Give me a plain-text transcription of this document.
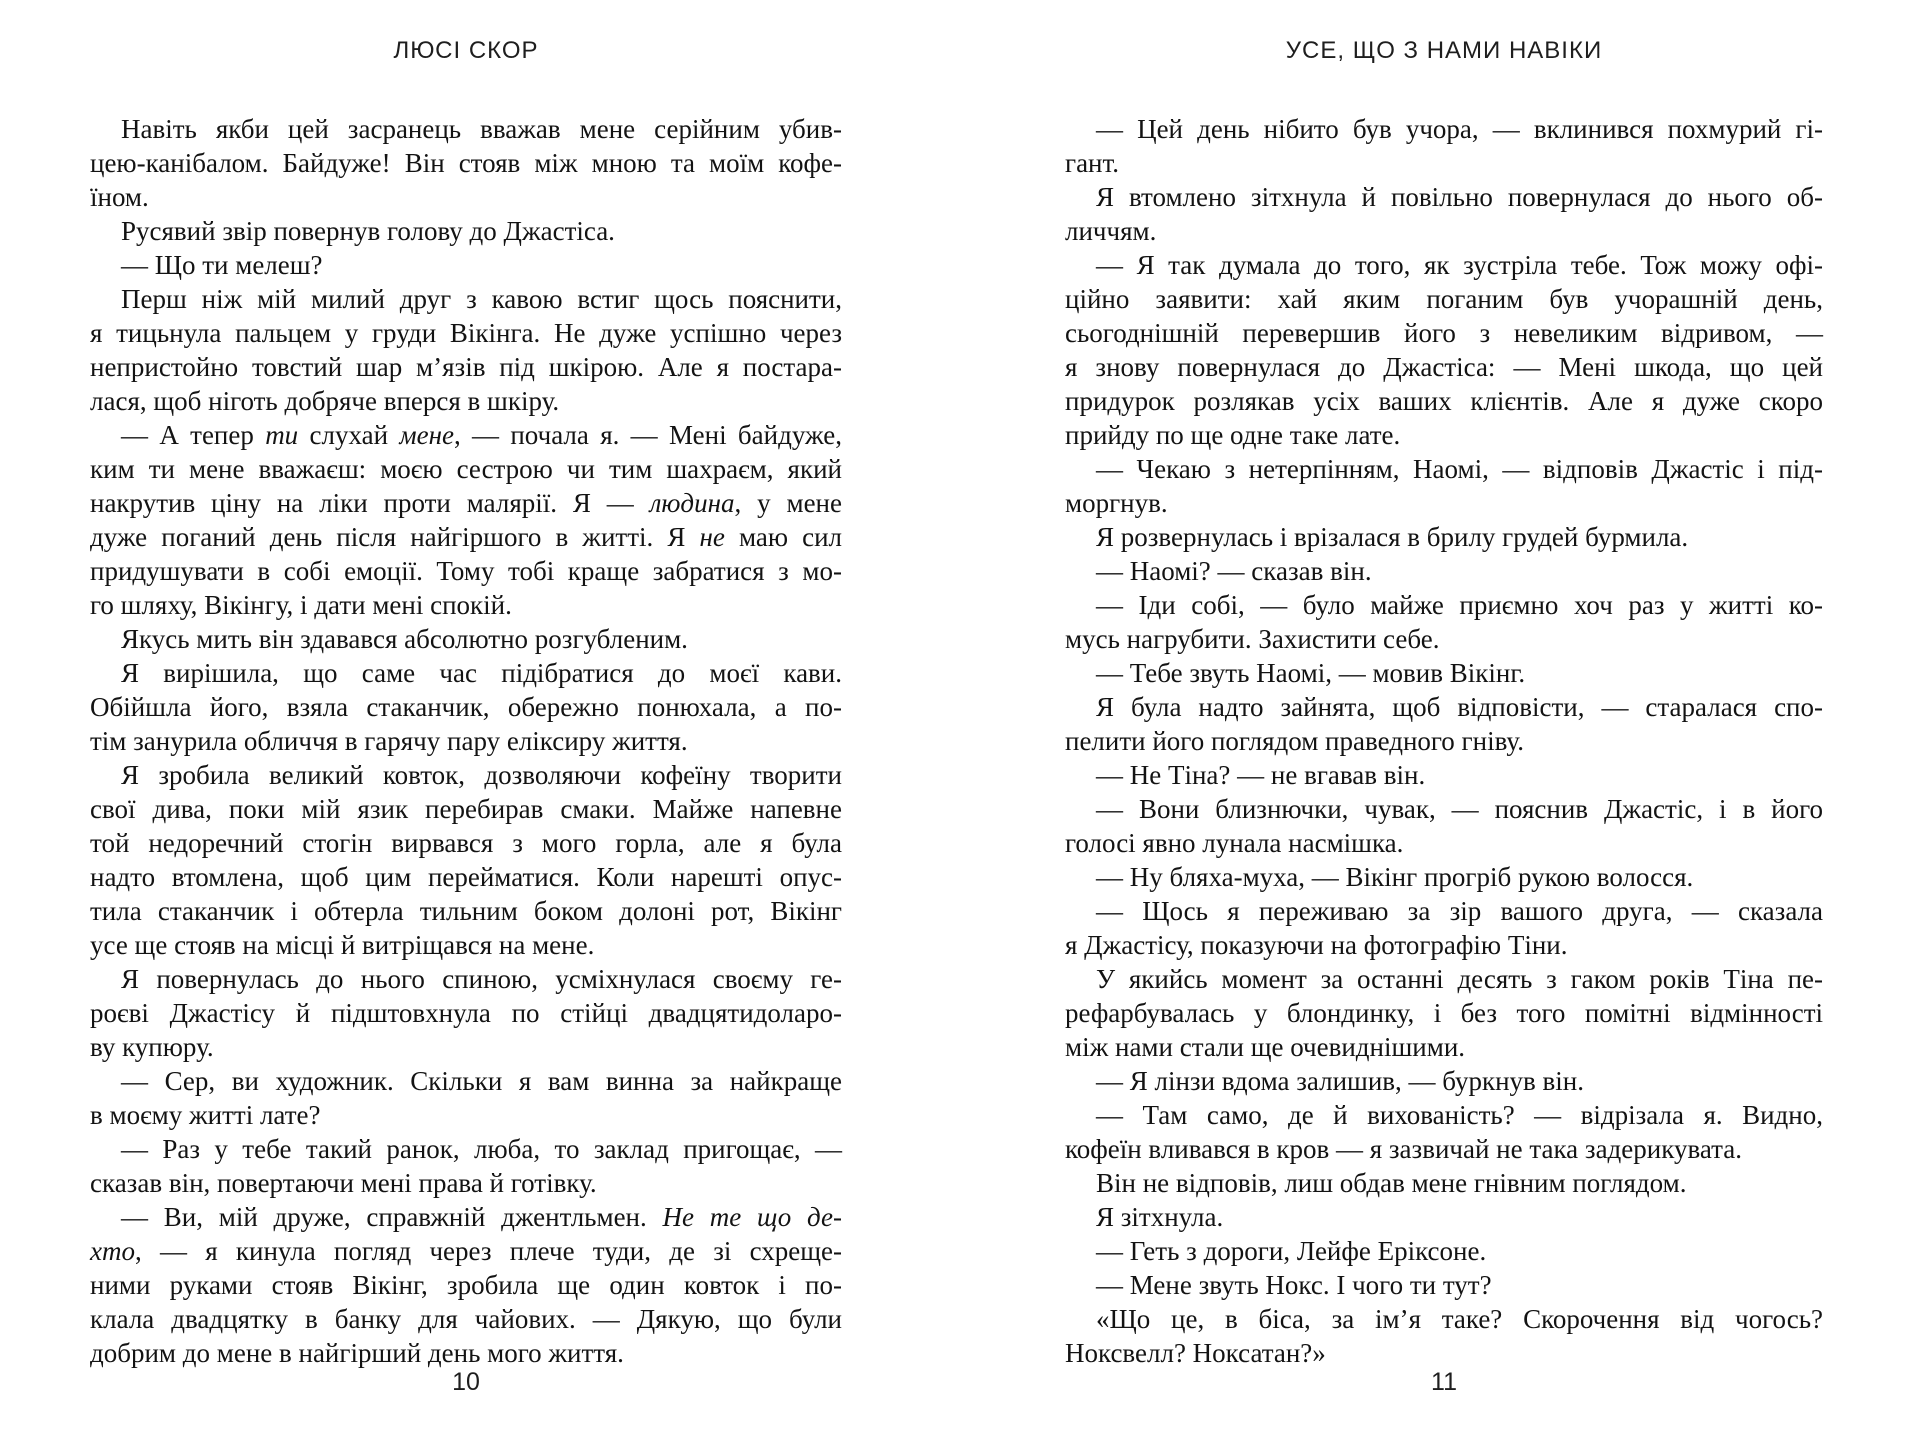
ЛЮСІ СКОР

Навіть якби цей засранець вважав мене серійним убив-
цею-канібалом. Байдуже! Він стояв між мною та моїм кофе-
їном.

Русявий звір повернув голову до Джастіса.

— Що ти мелеш?

Перш ніж мій милий друг з кавою встиг щось пояснити,
я тицьнула пальцем у груди Вікінга. Не дуже успішно через
непристойно товстий шар м’язів під шкірою. Але я постара-
лася, щоб ніготь добряче вперся в шкіру.

— А тепер ти слухай мене, — почала я. — Мені байдуже,
ким ти мене вважаєш: моєю сестрою чи тим шахраєм, який
накрутив ціну на ліки проти малярії. Я — людина, у мене
дуже поганий день після найгіршого в житті. Я не маю сил
придушувати в собі емоції. Тому тобі краще забратися з мо-
го шляху, Вікінгу, і дати мені спокій.

Якусь мить він здавався абсолютно розгубленим.

Я вирішила, що саме час підібратися до моєї кави.
Обійшла його, взяла стаканчик, обережно понюхала, а по-
тім занурила обличчя в гарячу пару еліксиру життя.

Я зробила великий ковток, дозволяючи кофеїну творити
свої дива, поки мій язик перебирав смаки. Майже напевне
той недоречний стогін вирвався з мого горла, але я була
надто втомлена, щоб цим перейматися. Коли нарешті опус-
тила стаканчик і обтерла тильним боком долоні рот, Вікінг
усе ще стояв на місці й витріщався на мене.

Я повернулась до нього спиною, усміхнулася своєму ге-
роєві Джастісу й підштовхнула по стійці двадцятидоларо-
ву купюру.

— Сер, ви художник. Скільки я вам винна за найкраще
в моєму житті лате?

— Раз у тебе такий ранок, люба, то заклад пригощає, —
сказав він, повертаючи мені права й готівку.

— Ви, мій друже, справжній джентльмен. Не те що де-
хто, — я кинула погляд через плече туди, де зі схреще-
ними руками стояв Вікінг, зробила ще один ковток і по-
клала двадцятку в банку для чайових. — Дякую, що були
добрим до мене в найгірший день мого життя.

10
УСЕ, ЩО З НАМИ НАВІКИ

— Цей день нібито був учора, — вклинився похмурий гі-
гант.

Я втомлено зітхнула й повільно повернулася до нього об-
личчям.

— Я так думала до того, як зустріла тебе. Тож можу офі-
ційно заявити: хай яким поганим був учорашній день,
сьогоднішній перевершив його з невеликим відривом, —
я знову повернулася до Джастіса: — Мені шкода, що цей
придурок розлякав усіх ваших клієнтів. Але я дуже скоро
прийду по ще одне таке лате.

— Чекаю з нетерпінням, Наомі, — відповів Джастіс і під-
моргнув.

Я розвернулась і врізалася в брилу грудей бурмила.

— Наомі? — сказав він.

— Іди собі, — було майже приємно хоч раз у житті ко-
мусь нагрубити. Захистити себе.

— Тебе звуть Наомі, — мовив Вікінг.

Я була надто зайнята, щоб відповісти, — старалася спо-
пелити його поглядом праведного гніву.

— Не Тіна? — не вгавав він.

— Вони близнючки, чувак, — пояснив Джастіс, і в його
голосі явно лунала насмішка.

— Ну бляха-муха, — Вікінг прогріб рукою волосся.

— Щось я переживаю за зір вашого друга, — сказала
я Джастісу, показуючи на фотографію Тіни.

У якийсь момент за останні десять з гаком років Тіна пе-
рефарбувалась у блондинку, і без того помітні відмінності
між нами стали ще очевиднішими.

— Я лінзи вдома залишив, — буркнув він.

— Там само, де й вихованість? — відрізала я. Видно,
кофеїн вливався в кров — я зазвичай не така задерикувата.

Він не відповів, лиш обдав мене гнівним поглядом.

Я зітхнула.

— Геть з дороги, Лейфе Еріксоне.

— Мене звуть Нокс. І чого ти тут?

«Що це, в біса, за ім’я таке? Скорочення від чогось?
Ноксвелл? Ноксатан?»

11
